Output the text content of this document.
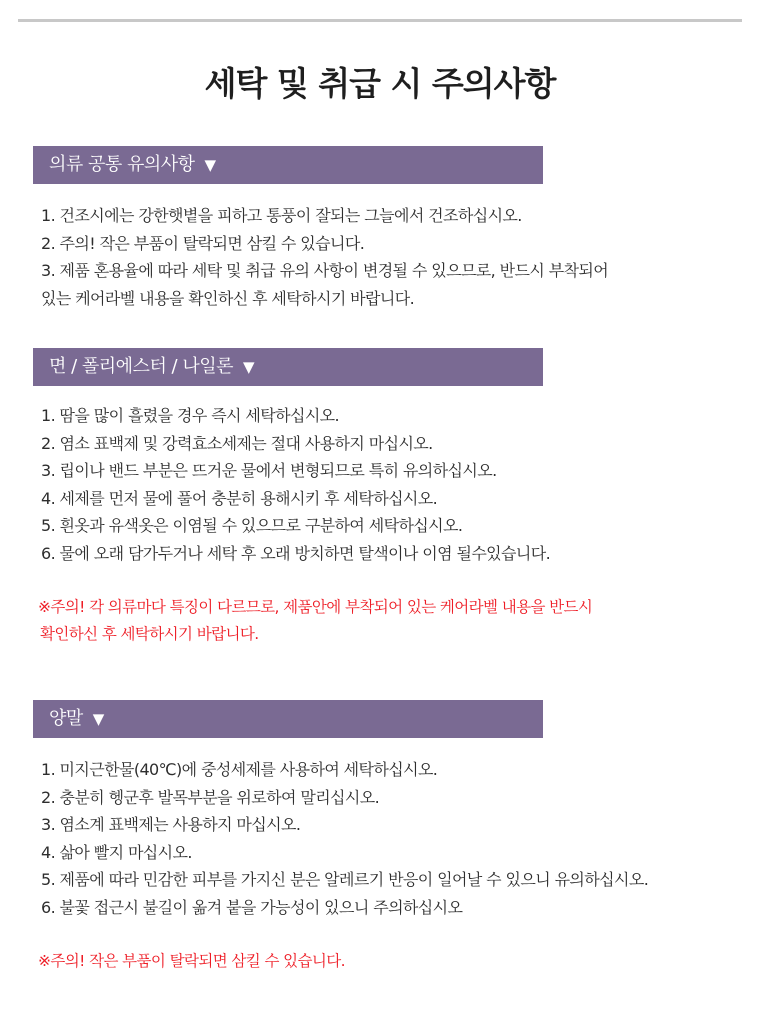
세탁 및 취급 시 주의사항
의류 공통 유의사항 ▼
1. 건조시에는 강한햇볕을 피하고 통풍이 잘되는 그늘에서 건조하십시오.
2. 주의! 작은 부품이 탈락되면 삼킬 수 있습니다.
3. 제품 혼용율에 따라 세탁 및 취급 유의 사항이 변경될 수 있으므로, 반드시 부착되어
있는 케어라벨 내용을 확인하신 후 세탁하시기 바랍니다.
면 / 폴리에스터 / 나일론 ▼
1. 땀을 많이 흘렸을 경우 즉시 세탁하십시오.
2. 염소 표백제 및 강력효소세제는 절대 사용하지 마십시오.
3. 립이나 밴드 부분은 뜨거운 물에서 변형되므로 특히 유의하십시오.
4. 세제를 먼저 물에 풀어 충분히 용해시키 후 세탁하십시오.
5. 흰옷과 유색옷은 이염될 수 있으므로 구분하여 세탁하십시오.
6. 물에 오래 담가두거나 세탁 후 오래 방치하면 탈색이나 이염 될수있습니다.
※주의! 각 의류마다 특징이 다르므로, 제품안에 부착되어 있는 케어라벨 내용을 반드시
확인하신 후 세탁하시기 바랍니다.
양말 ▼
1. 미지근한물(40℃)에 중성세제를 사용하여 세탁하십시오.
2. 충분히 헹군후 발목부분을 위로하여 말리십시오.
3. 염소계 표백제는 사용하지 마십시오.
4. 삶아 빨지 마십시오.
5. 제품에 따라 민감한 피부를 가지신 분은 알레르기 반응이 일어날 수 있으니 유의하십시오.
6. 불꽃 접근시 불길이 옮겨 붙을 가능성이 있으니 주의하십시오
※주의! 작은 부품이 탈락되면 삼킬 수 있습니다.
